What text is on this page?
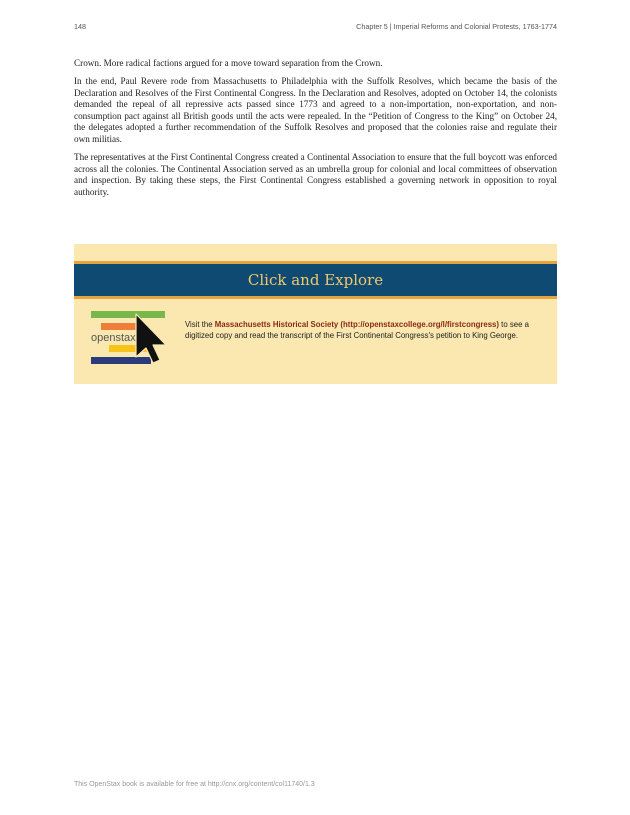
148	Chapter 5 | Imperial Reforms and Colonial Protests, 1763-1774

Crown. More radical factions argued for a move toward separation from the Crown.

In the end, Paul Revere rode from Massachusetts to Philadelphia with the Suffolk Resolves, which became the basis of the Declaration and Resolves of the First Continental Congress. In the Declaration and Resolves, adopted on October 14, the colonists demanded the repeal of all repressive acts passed since 1773 and agreed to a non-importation, non-exportation, and non-consumption pact against all British goods until the acts were repealed. In the “Petition of Congress to the King” on October 24, the delegates adopted a further recommendation of the Suffolk Resolves and proposed that the colonies raise and regulate their own militias.

The representatives at the First Continental Congress created a Continental Association to ensure that the full boycott was enforced across all the colonies. The Continental Association served as an umbrella group for colonial and local committees of observation and inspection. By taking these steps, the First Continental Congress established a governing network in opposition to royal authority.

Click and Explore
openstax
Visit the Massachusetts Historical Society (http://openstaxcollege.org/l/firstcongress) to see a digitized copy and read the transcript of the First Continental Congress's petition to King George.
This OpenStax book is available for free at http://cnx.org/content/col11740/1.3
